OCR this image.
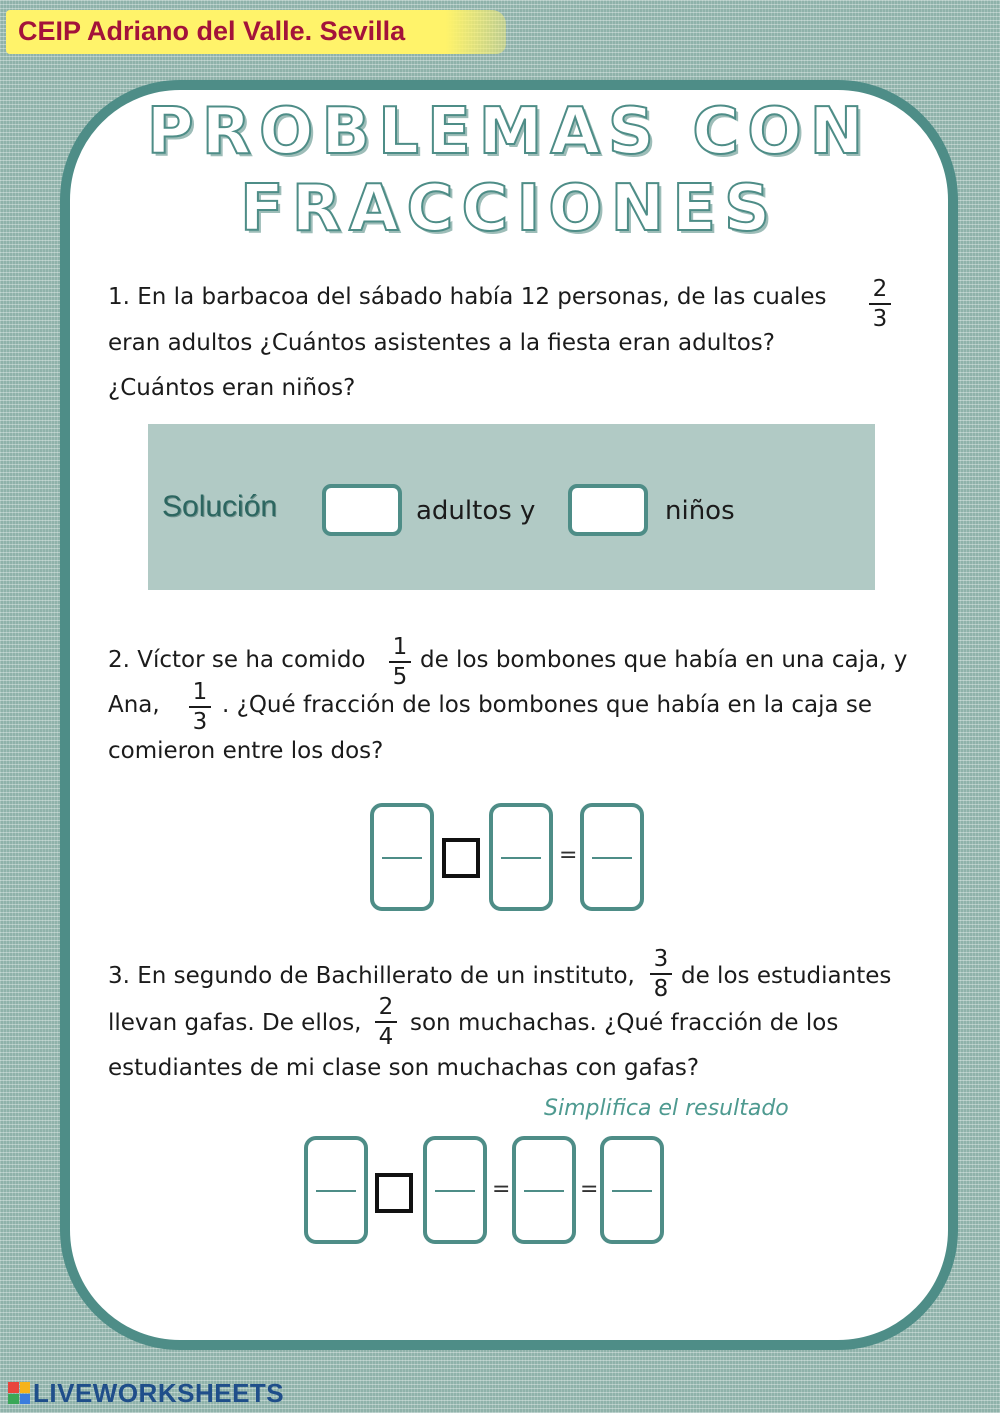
CEIP Adriano del Valle. Sevilla
PROBLEMAS CON
FRACCIONES
1. En la barbacoa del sábado había 12 personas, de las cuales 2
3
eran adultos ¿Cuántos asistentes a la fiesta eran adultos?
¿Cuántos eran niños?
Solución	adultos y	niños
2. Víctor se ha comido 1
5
de los bombones que había en una caja, y
Ana, 1
3
. ¿Qué fracción de los bombones que había en la caja se
comieron entre los dos?
=
3. En segundo de Bachillerato de un instituto,
3
8 de los estudiantes
llevan gafas. De ellos,
2
4
son muchachas. ¿Qué fracción de los
estudiantes de mi clase son muchachas con gafas?
Simplifica el resultado
=	=
LIVEWORKSHEETS
